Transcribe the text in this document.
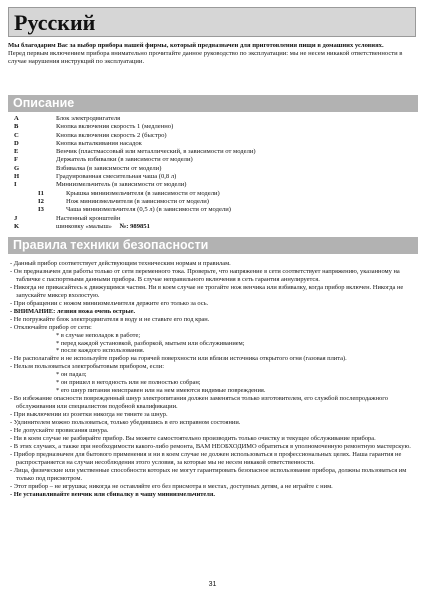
Русский

Мы благодарим Вас за выбор прибора нашей фирмы, который предназначен для приготовления пищи в домашних условиях.

Перед первым включением прибора внимательно прочитайте данное руководство по эксплуатации: мы не несем никакой ответственности в случае нарушения инструкций по эксплуатации.

Описание
A	Блок электродвигателя
B	Кнопка включения скорость 1 (медленно)
C	Кнопка включения скорость 2 (быстро)
D	Кнопка выталкивания насадок
E	Венчик (пластмассовый или металлический, в зависимости от модели)
F	Держатель взбивалки (в зависимости от модели)
G	Взбивалка (в зависимости от модели)
H	Градуированная смесительная чаша (0,8 л)
I	Миниизмельчитель (в зависимости от модели)
I1	Крышка миниизмельчителя (в зависимости от модели)
I2	Нож миниизмельчителя (в зависимости от модели)
I3	Чаша миниизмельчителя (0,5 л) (в зависимости от модели)
J	Настенный кронштейн
K	шинковку «малыш» №: 989851
Правила техники безопасности
- Данный прибор соответствует действующим техническим нормам и правилам.
- Он предназначен для работы только от сети переменного тока. Проверьте, что напряжение в сети соответствует напряжению, указанному на табличке с паспортными данными прибора. В случае неправильного включения в сеть гарантия аннулируется.
- Никогда не прикасайтесь к движущимся частям. Ни в коем случае не трогайте нож венчика или взбивалку, когда прибор включен. Никогда не запускайте миксер вхолостую.
- При обращении с ножом миниизмельчителя держите его только за ось.
- ВНИМАНИЕ: лезвия ножа очень острые.
- Не погружайте блок электродвигателя в воду и не ставьте его под кран.
- Отключайте прибор от сети:
* в случае неполадок в работе;
* перед каждой установкой, разборкой, мытьем или обслуживанием;
* после каждого использования.
- Не располагайте и не используйте прибор на горячей поверхности или вблизи источника открытого огня (газовая плита).
- Нельзя пользоваться электробытовым прибором, если:
* он падал;
* он пришел в негодность или не полностью собран;
* его шнур питания неисправен или на нем имеются видимые повреждения.
- Во избежание опасности поврежденный шнур электропитания должен заменяться только изготовителем, его службой послепродажного обслуживания или специалистом подобной квалификации.
- При выключении из розетки никогда не тяните за шнур.
- Удлинителем можно пользоваться, только убедившись в его исправном состоянии.
- Не допускайте провисания шнура.
- Ни в коем случае не разбирайте прибор. Вы можете самостоятельно производить только очистку и текущее обслуживание прибора.
- В этих случаях, а также при необходимости какого-либо ремонта, ВАМ НЕОБХОДИМО обратиться в уполномоченную ремонтную мастерскую.
- Прибор предназначен для бытового применения и ни в коем случае не должен использоваться в профессиональных целях. Наша гарантия не распространяется на случаи несоблюдения этого условия, за которые мы не несем никакой ответственности.
- Лица, физические или умственные способности которых не могут гарантировать безопасное использование прибора, должны пользоваться им только под присмотром.
- Этот прибор – не игрушка; никогда не оставляйте его без присмотра в местах, доступных детям, а не играйте с ним.
- Не устанавливайте венчик или сбивалку в чашу миниизмельчителя.
31
